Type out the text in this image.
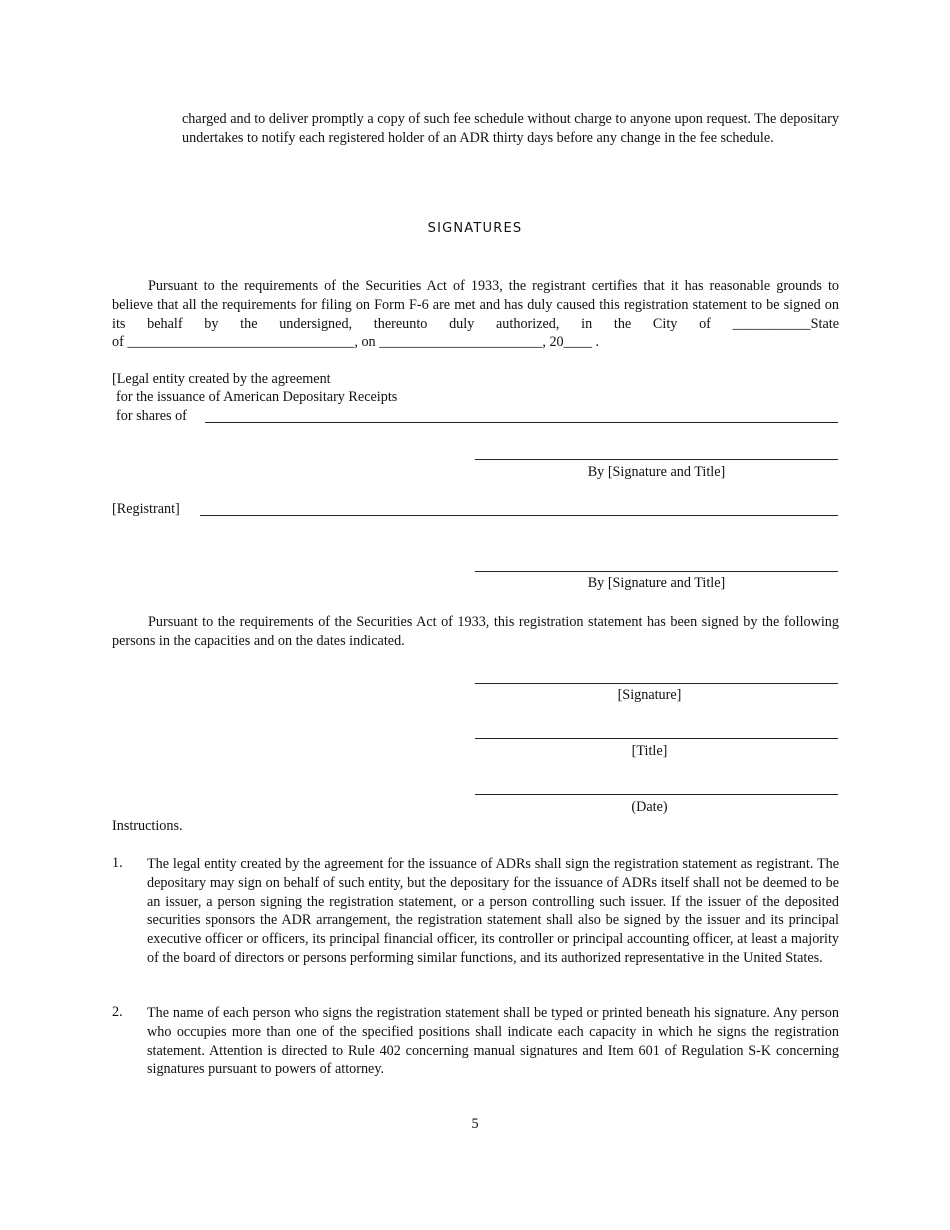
charged and to deliver promptly a copy of such fee schedule without charge to anyone upon request. The depositary undertakes to notify each registered holder of an ADR thirty days before any change in the fee schedule.

SIGNATURES

Pursuant to the requirements of the Securities Act of 1933, the registrant certifies that it has reasonable grounds to believe that all the requirements for filing on Form F-6 are met and has duly caused this registration statement to be signed on its behalf by the undersigned, thereunto duly authorized, in the City of ___________State

of ________________________________, on _______________________, 20____ .

[Legal entity created by the agreement
for the issuance of American Depositary Receipts
for shares of
By [Signature and Title]
[Registrant]
By [Signature and Title]

Pursuant to the requirements of the Securities Act of 1933, this registration statement has been signed by the following persons in the capacities and on the dates indicated.

[Signature]
[Title]
(Date)
Instructions.
1. The legal entity created by the agreement for the issuance of ADRs shall sign the registration statement as registrant. The depositary may sign on behalf of such entity, but the depositary for the issuance of ADRs itself shall not be deemed to be an issuer, a person signing the registration statement, or a person controlling such issuer. If the issuer of the deposited securities sponsors the ADR arrangement, the registration statement shall also be signed by the issuer and its principal executive officer or officers, its principal financial officer, its controller or principal accounting officer, at least a majority of the board of directors or persons performing similar functions, and its authorized representative in the United States.

2. The name of each person who signs the registration statement shall be typed or printed beneath his signature. Any person who occupies more than one of the specified positions shall indicate each capacity in which he signs the registration statement. Attention is directed to Rule 402 concerning manual signatures and Item 601 of Regulation S-K concerning signatures pursuant to powers of attorney.

5
